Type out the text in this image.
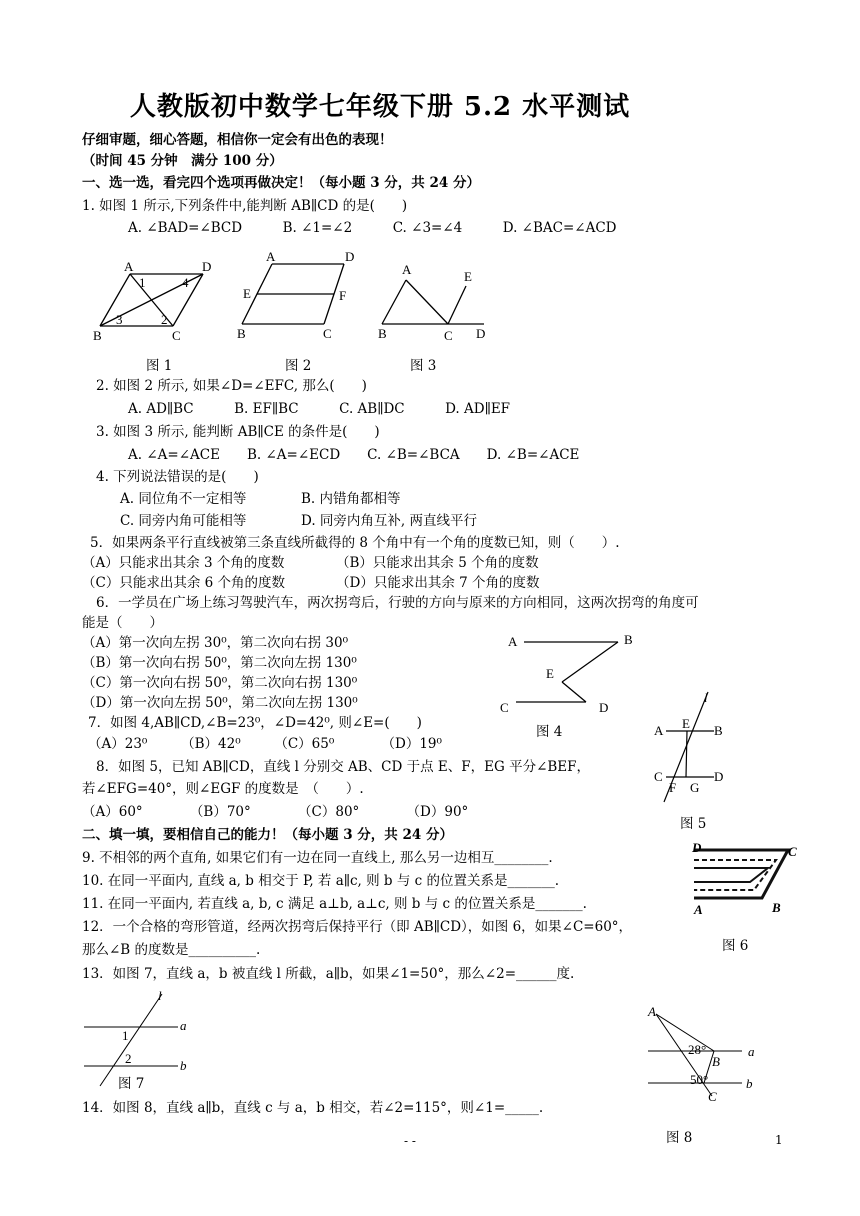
人教版初中数学七年级下册 5.2 水平测试
仔细审题，细心答题，相信你一定会有出色的表现！
（时间 45 分钟　满分 100 分）
一、选一选，看完四个选项再做决定！（每小题 3 分，共 24 分）
1. 如图 1 所示,下列条件中,能判断 AB∥CD 的是(　　)
A. ∠BAD=∠BCD　　　B. ∠1=∠2　　　C. ∠3=∠4　　　D. ∠BAC=∠ACD
A	D
B	C
1	4
3	2
图 1
A	D
E	F
B	C
图 2
A	E
B	C D
图 3
2. 如图 2 所示, 如果∠D=∠EFC, 那么(　　)
A. AD∥BC　　　B. EF∥BC　　　C. AB∥DC　　　D. AD∥EF
3. 如图 3 所示, 能判断 AB∥CE 的条件是(　　)
A. ∠A=∠ACE　　B. ∠A=∠ECD　　C. ∠B=∠BCA　　D. ∠B=∠ACE
4. 下列说法错误的是(　　)
A. 同位角不一定相等	B. 内错角都相等
C. 同旁内角可能相等	D. 同旁内角互补, 两直线平行
5．如果两条平行直线被第三条直线所截得的 8 个角中有一个角的度数已知，则（　　）.
（A）只能求出其余 3 个角的度数	（B）只能求出其余 5 个角的度数
（C）只能求出其余 6 个角的度数	（D）只能求出其余 7 个角的度数
6．一学员在广场上练习驾驶汽车，两次拐弯后，行驶的方向与原来的方向相同，这两次拐弯的角度可
能是（　　）
（A）第一次向左拐 30⁰，第二次向右拐 30⁰
（B）第一次向右拐 50⁰，第二次向左拐 130⁰
（C）第一次向右拐 50⁰，第二次向右拐 130⁰
（D）第一次向左拐 50⁰，第二次向左拐 130⁰
A	B
E
C	D
图 4
7．如图 4,AB∥CD,∠B=23⁰，∠D=42⁰, 则∠E=(　　)
（A）23⁰　　　（B）42⁰　　　（C）65⁰　　　　（D）19⁰
l
A E B
C
F G
D
图 5
8．如图 5，已知 AB∥CD，直线 l 分别交 AB、CD 于点 E、F，EG 平分∠BEF，
若∠EFG=40°，则∠EGF 的度数是　（　　）.
（A）60°　　　　（B）70°　　　　（C）80°　　　　（D）90°
二、填一填，要相信自己的能力！（每小题 3 分，共 24 分）
9. 不相邻的两个直角, 如果它们有一边在同一直线上, 那么另一边相互________.
10. 在同一平面内, 直线 a, b 相交于 P, 若 a∥c, 则 b 与 c 的位置关系是_______.
11. 在同一平面内, 若直线 a, b, c 满足 a⊥b, a⊥c, 则 b 与 c 的位置关系是_______.
12．一个合格的弯形管道，经两次拐弯后保持平行（即 AB∥CD），如图 6，如果∠C=60°，
那么∠B 的度数是__________.
D	C
A	B
图 6
13．如图 7，直线 a，b 被直线 l 所截，a∥b，如果∠1=50°，那么∠2=______度.
l
a
1
b
2
图 7
A
28°	a
B
50°	b
C
图 8
14．如图 8，直线 a∥b，直线 c 与 a，b 相交，若∠2=115°，则∠1=_____.
- -	1
